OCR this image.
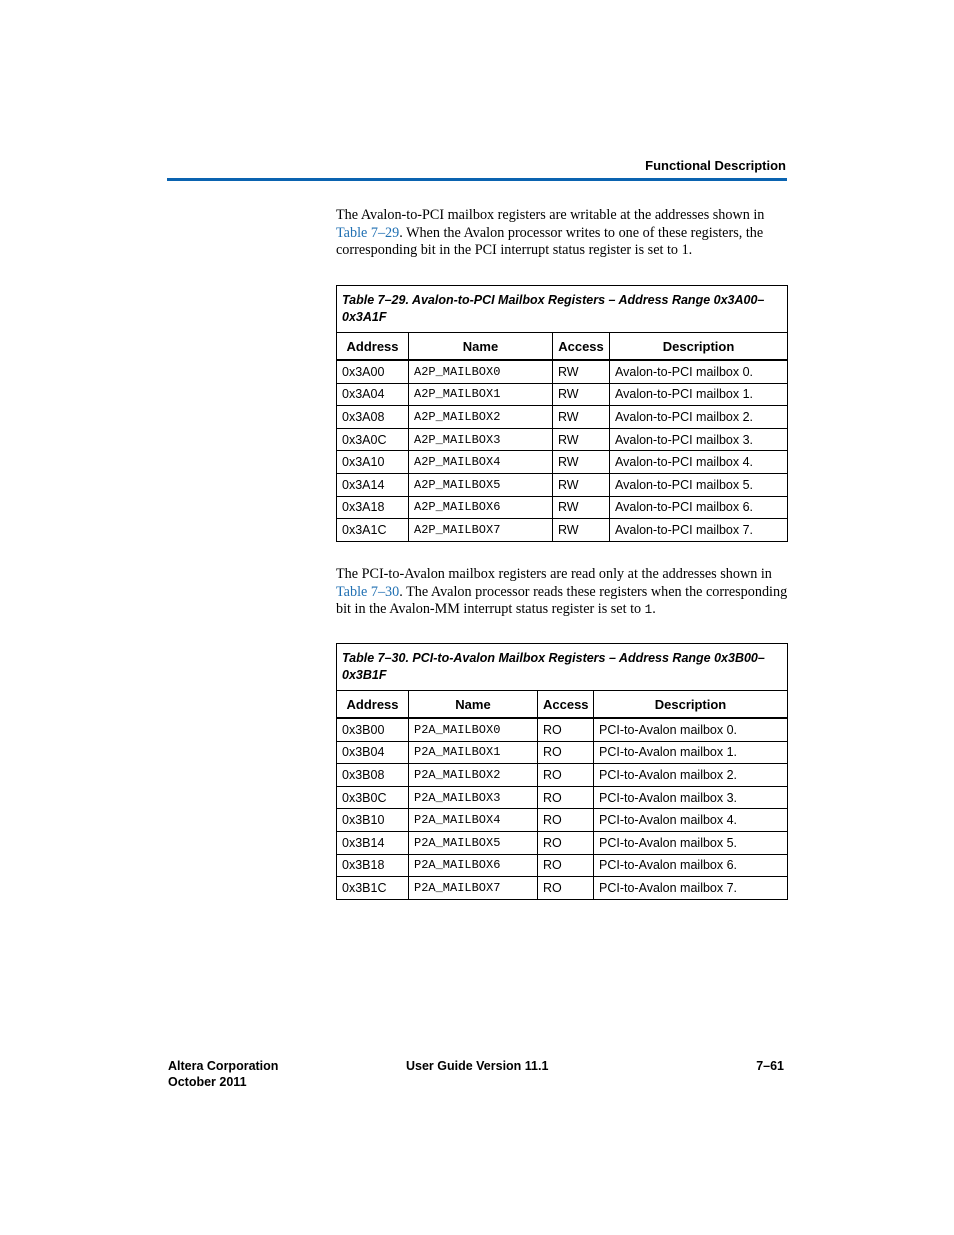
Functional Description

The Avalon-to-PCI mailbox registers are writable at the addresses shown in Table 7–29. When the Avalon processor writes to one of these registers, the corresponding bit in the PCI interrupt status register is set to 1.

Table 7–29. Avalon-to-PCI Mailbox Registers – Address Range 0x3A00–0x3A1F			
Address	Name	Access	Description
0x3A00	A2P_MAILBOX0	RW	Avalon-to-PCI mailbox 0.
0x3A04	A2P_MAILBOX1	RW	Avalon-to-PCI mailbox 1.
0x3A08	A2P_MAILBOX2	RW	Avalon-to-PCI mailbox 2.
0x3A0C	A2P_MAILBOX3	RW	Avalon-to-PCI mailbox 3.
0x3A10	A2P_MAILBOX4	RW	Avalon-to-PCI mailbox 4.
0x3A14	A2P_MAILBOX5	RW	Avalon-to-PCI mailbox 5.
0x3A18	A2P_MAILBOX6	RW	Avalon-to-PCI mailbox 6.
0x3A1C	A2P_MAILBOX7	RW	Avalon-to-PCI mailbox 7.

The PCI-to-Avalon mailbox registers are read only at the addresses shown in Table 7–30. The Avalon processor reads these registers when the corresponding bit in the Avalon-MM interrupt status register is set to 1.

Table 7–30. PCI-to-Avalon Mailbox Registers – Address Range 0x3B00–0x3B1F			
Address	Name	Access	Description
0x3B00	P2A_MAILBOX0	RO	PCI-to-Avalon mailbox 0.
0x3B04	P2A_MAILBOX1	RO	PCI-to-Avalon mailbox 1.
0x3B08	P2A_MAILBOX2	RO	PCI-to-Avalon mailbox 2.
0x3B0C	P2A_MAILBOX3	RO	PCI-to-Avalon mailbox 3.
0x3B10	P2A_MAILBOX4	RO	PCI-to-Avalon mailbox 4.
0x3B14	P2A_MAILBOX5	RO	PCI-to-Avalon mailbox 5.
0x3B18	P2A_MAILBOX6	RO	PCI-to-Avalon mailbox 6.
0x3B1C	P2A_MAILBOX7	RO	PCI-to-Avalon mailbox 7.
Altera Corporation
October 2011
User Guide Version 11.1	7–61
